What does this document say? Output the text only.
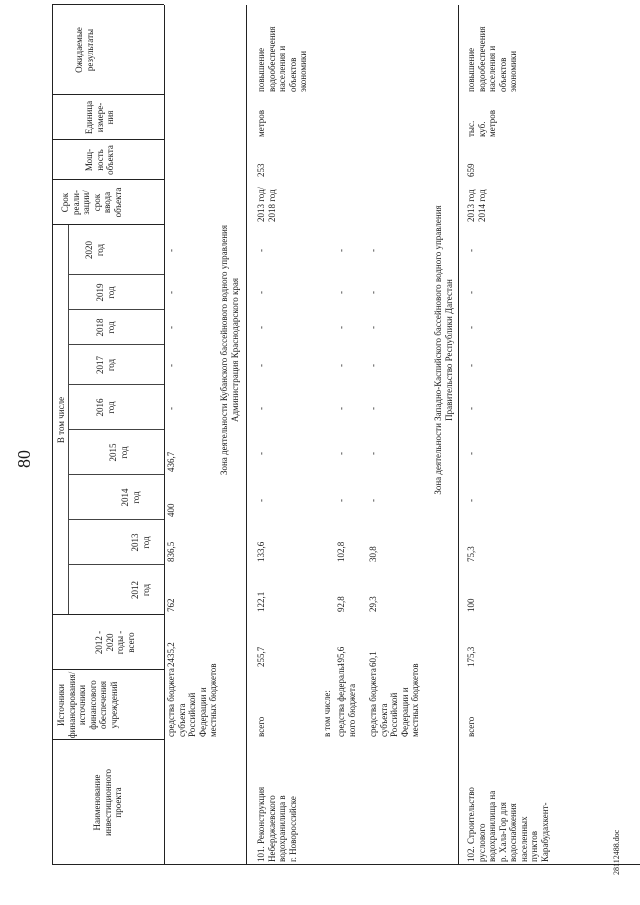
80
Наименование инвестиционного проекта
Источники финансирования/ источники финансового обеспечения учреждений
2012 - 2020 годы - всего
В том числе
2012 год
2013 год
2014 год
2015 год
2016 год
2017 год
2018 год
2019 год
2020 год
Срок реали- зации/ срок ввода объекта
Мощ- ность объекта
Единица измере- ния
Ожидаемые результаты
средства бюджета субъекта Российской Федерации и местных бюджетов
2435,2
762
836,5
400
436,7
-
-
-
-
-	Зона деятельности Кубанского бассейнового водного управления Администрация Краснодарского края
101. Реконструкция Неберджаевского водохранилища в г. Новороссийске
всего
255,7
122,1
133,6
-
-
-
-
-
-
-
2013 год/ 2018 год
253
метров
повышение водообеспечения населения и объектов экономики
в том числе: средства федераль- ного бюджета
195,6
92,8
102,8
-
-
-
-
-
-
-
средства бюджета субъекта Российской Федерации и местных бюджетов
60,1
29,3
30,8
-
-
-
-
-
-
-	Зона деятельности Западно-Каспийского бассейнового водного управления Правительство Республики Дагестан
102. Строительство руслового водохранилища на р. Хала-Гор для водоснабжения населенных пунктов Карабудахкент-
всего
175,3
100
75,3
-
-
-
-
-
-
-
2013 год 2014 год
659
тыс. куб. метров
повышение водообеспечения населения и объектов экономики
28112488.doc
